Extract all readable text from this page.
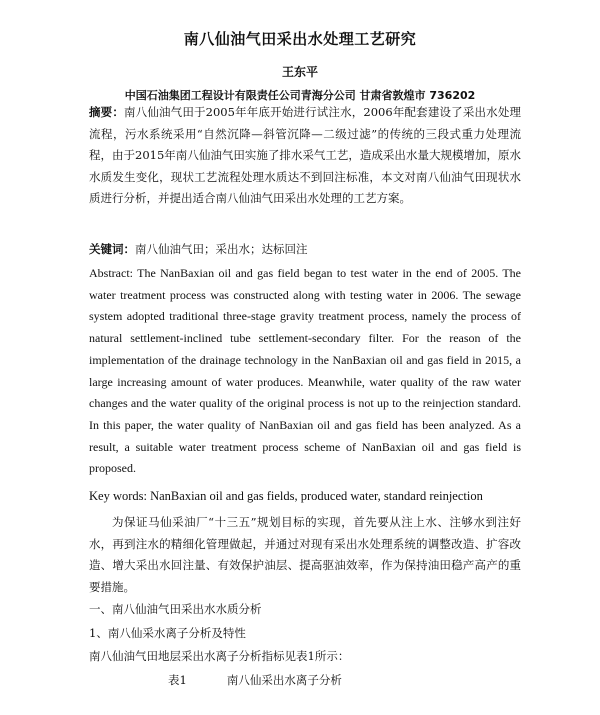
南八仙油气田采出水处理工艺研究
王东平
中国石油集团工程设计有限责任公司青海分公司 甘肃省敦煌市 736202
摘要：南八仙油气田于2005年年底开始进行试注水，2006年配套建设了采出水处理流程，污水系统采用“自然沉降—斜管沉降—二级过滤”的传统的三段式重力处理流程，由于2015年南八仙油气田实施了排水采气工艺，造成采出水量大规模增加，原水水质发生变化，现状工艺流程处理水质达不到回注标准，本文对南八仙油气田现状水质进行分析，并提出适合南八仙油气田采出水处理的工艺方案。
关键词：南八仙油气田；采出水；达标回注
Abstract: The NanBaxian oil and gas field began to test water in the end of 2005. The water treatment process was constructed along with testing water in 2006. The sewage system adopted traditional three-stage gravity treatment process, namely the process of natural settlement-inclined tube settlement-secondary filter. For the reason of the implementation of the drainage technology in the NanBaxian oil and gas field in 2015, a large increasing amount of water produces. Meanwhile, water quality of the raw water changes and the water quality of the original process is not up to the reinjection standard. In this paper, the water quality of NanBaxian oil and gas field has been analyzed. As a result, a suitable water treatment process scheme of NanBaxian oil and gas field is proposed.
Key words: NanBaxian oil and gas fields, produced water, standard reinjection

为保证马仙采油厂“十三五”规划目标的实现，首先要从注上水、注够水到注好水，再到注水的精细化管理做起，并通过对现有采出水处理系统的调整改造、扩容改造、增大采出水回注量、有效保护油层、提高驱油效率，作为保持油田稳产高产的重要措施。

一、南八仙油气田采出水水质分析
1、南八仙采水离子分析及特性
南八仙油气田地层采出水离子分析指标见表1所示：
表1	南八仙采出水离子分析
